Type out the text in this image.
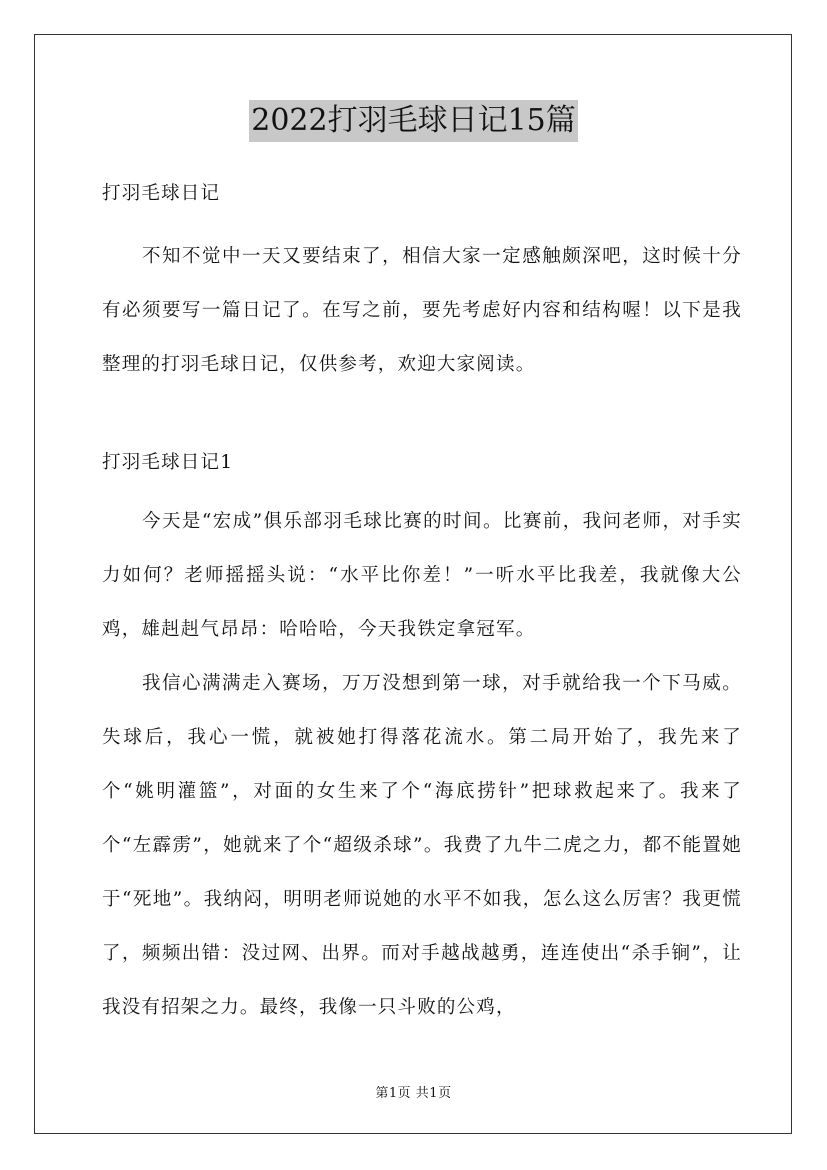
2022打羽毛球日记15篇

打羽毛球日记

不知不觉中一天又要结束了，相信大家一定感触颇深吧，这时候十分有必须要写一篇日记了。在写之前，要先考虑好内容和结构喔！以下是我整理的打羽毛球日记，仅供参考，欢迎大家阅读。

打羽毛球日记1

今天是“宏成”俱乐部羽毛球比赛的时间。比赛前，我问老师，对手实力如何？老师摇摇头说：“水平比你差！”一听水平比我差，我就像大公鸡，雄赳赳气昂昂：哈哈哈，今天我铁定拿冠军。

我信心满满走入赛场，万万没想到第一球，对手就给我一个下马威。失球后，我心一慌，就被她打得落花流水。第二局开始了，我先来了个“姚明灌篮”，对面的女生来了个“海底捞针”把球救起来了。我来了个“左霹雳”，她就来了个“超级杀球”。我费了九牛二虎之力，都不能置她于“死地”。我纳闷，明明老师说她的水平不如我，怎么这么厉害？我更慌了，频频出错：没过网、出界。而对手越战越勇，连连使出“杀手锏”，让我没有招架之力。最终，我像一只斗败的公鸡，

第1页 共1页
